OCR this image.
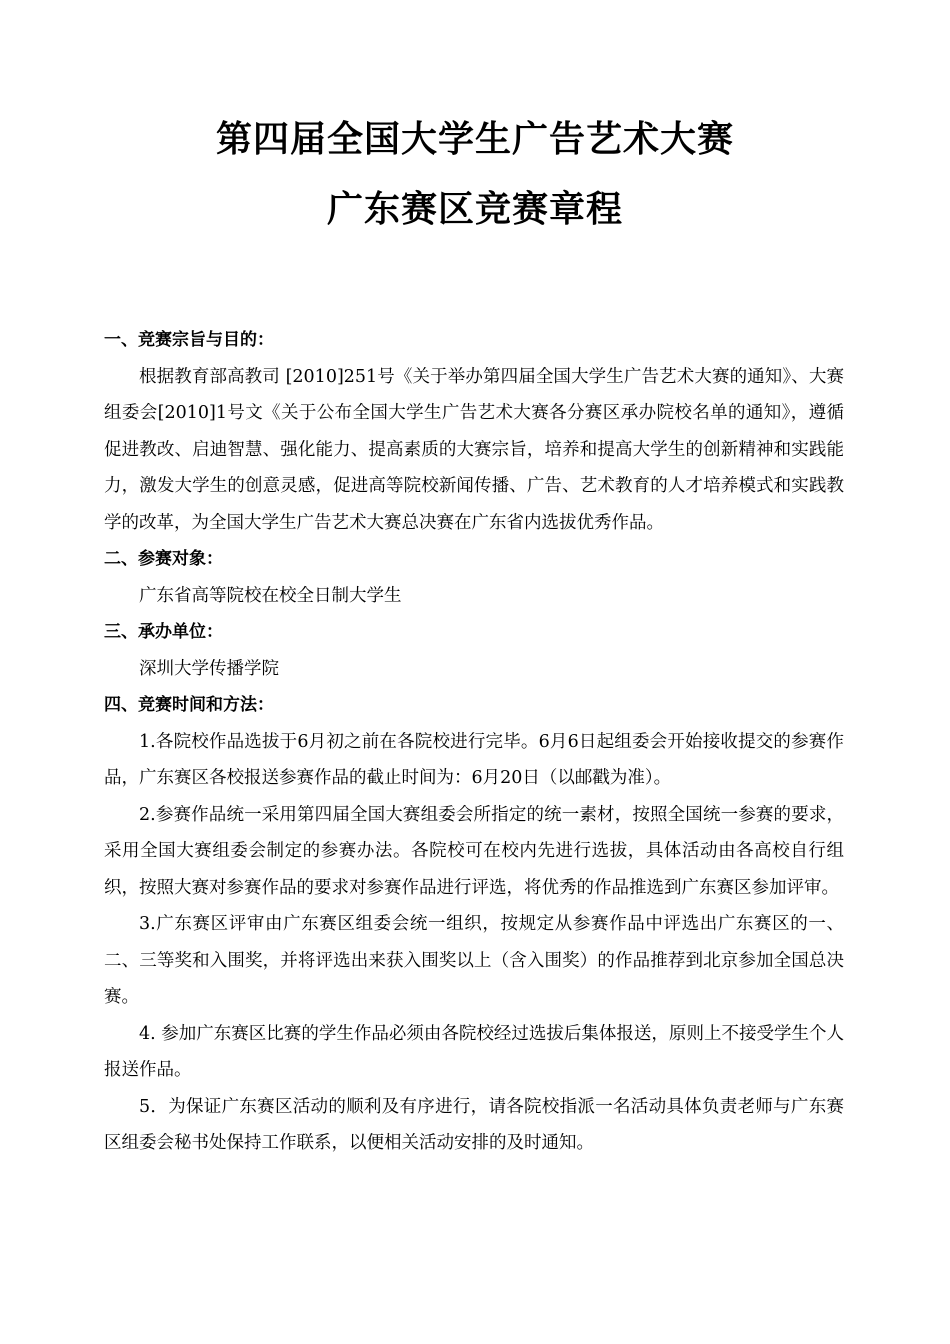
第四届全国大学生广告艺术大赛
广东赛区竞赛章程

一、竞赛宗旨与目的：

根据教育部高教司 [2010]251号《关于举办第四届全国大学生广告艺术大赛的通知》、大赛组委会[2010]1号文《关于公布全国大学生广告艺术大赛各分赛区承办院校名单的通知》，遵循促进教改、启迪智慧、强化能力、提高素质的大赛宗旨，培养和提高大学生的创新精神和实践能力，激发大学生的创意灵感，促进高等院校新闻传播、广告、艺术教育的人才培养模式和实践教学的改革，为全国大学生广告艺术大赛总决赛在广东省内选拔优秀作品。

二、参赛对象：

广东省高等院校在校全日制大学生

三、承办单位：

深圳大学传播学院

四、竞赛时间和方法：

1.各院校作品选拔于6月初之前在各院校进行完毕。6月6日起组委会开始接收提交的参赛作品，广东赛区各校报送参赛作品的截止时间为：6月20日（以邮戳为准）。

2.参赛作品统一采用第四届全国大赛组委会所指定的统一素材，按照全国统一参赛的要求，采用全国大赛组委会制定的参赛办法。各院校可在校内先进行选拔，具体活动由各高校自行组织，按照大赛对参赛作品的要求对参赛作品进行评选，将优秀的作品推选到广东赛区参加评审。

3.广东赛区评审由广东赛区组委会统一组织，按规定从参赛作品中评选出广东赛区的一、二、三等奖和入围奖，并将评选出来获入围奖以上（含入围奖）的作品推荐到北京参加全国总决赛。

4. 参加广东赛区比赛的学生作品必须由各院校经过选拔后集体报送，原则上不接受学生个人报送作品。

5．为保证广东赛区活动的顺利及有序进行，请各院校指派一名活动具体负责老师与广东赛区组委会秘书处保持工作联系，以便相关活动安排的及时通知。
